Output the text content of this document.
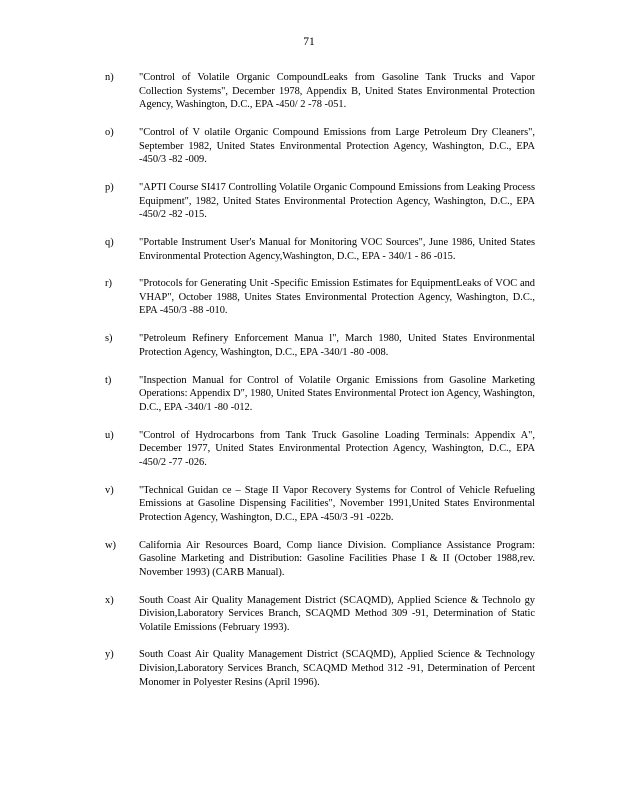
71
n)	"Control of Volatile Organic CompoundLeaks from Gasoline Tank Trucks and Vapor Collection Systems", December 1978, Appendix B, United States Environmental Protection Agency, Washington, D.C., EPA -450/ 2 -78 -051.
o)	"Control of V olatile Organic Compound Emissions from Large Petroleum Dry Cleaners", September 1982, United States Environmental Protection Agency, Washington, D.C., EPA -450/3 -82 -009.
p)	"APTI Course SI417 Controlling Volatile Organic Compound Emissions from Leaking Process Equipment", 1982, United States Environmental Protection Agency, Washington, D.C., EPA -450/2 -82 -015.
q)	"Portable Instrument User's Manual for Monitoring VOC Sources", June 1986, United States Environmental Protection Agency,Washington, D.C., EPA - 340/1 - 86 -015.
r)	"Protocols for Generating Unit -Specific Emission Estimates for EquipmentLeaks of VOC and VHAP", October 1988, Unites States Environmental Protection Agency, Washington, D.C., EPA -450/3 -88 -010.
s)	"Petroleum Refinery Enforcement Manua l", March 1980, United States Environmental Protection Agency, Washington, D.C., EPA -340/1 -80 -008.
t)	"Inspection Manual for Control of Volatile Organic Emissions from Gasoline Marketing Operations: Appendix D", 1980, United States Environmental Protect ion Agency, Washington, D.C., EPA -340/1 -80 -012.
u)	"Control of Hydrocarbons from Tank Truck Gasoline Loading Terminals: Appendix A", December 1977, United States Environmental Protection Agency, Washington, D.C., EPA -450/2 -77 -026.
v)	"Technical Guidan ce – Stage II Vapor Recovery Systems for Control of Vehicle Refueling Emissions at Gasoline Dispensing Facilities", November 1991,United States Environmental Protection Agency, Washington, D.C., EPA -450/3 -91 -022b.
w)	California Air Resources Board, Comp liance Division. Compliance Assistance Program: Gasoline Marketing and Distribution: Gasoline Facilities Phase I & II (October 1988,rev. November 1993) (CARB Manual).
x)	South Coast Air Quality Management District (SCAQMD), Applied Science & Technolo gy Division,Laboratory Services Branch, SCAQMD Method 309 -91, Determination of Static Volatile Emissions (February 1993).
y)	South Coast Air Quality Management District (SCAQMD), Applied Science & Technology Division,Laboratory Services Branch, SCAQMD Method 312 -91, Determination of Percent Monomer in Polyester Resins (April 1996).
